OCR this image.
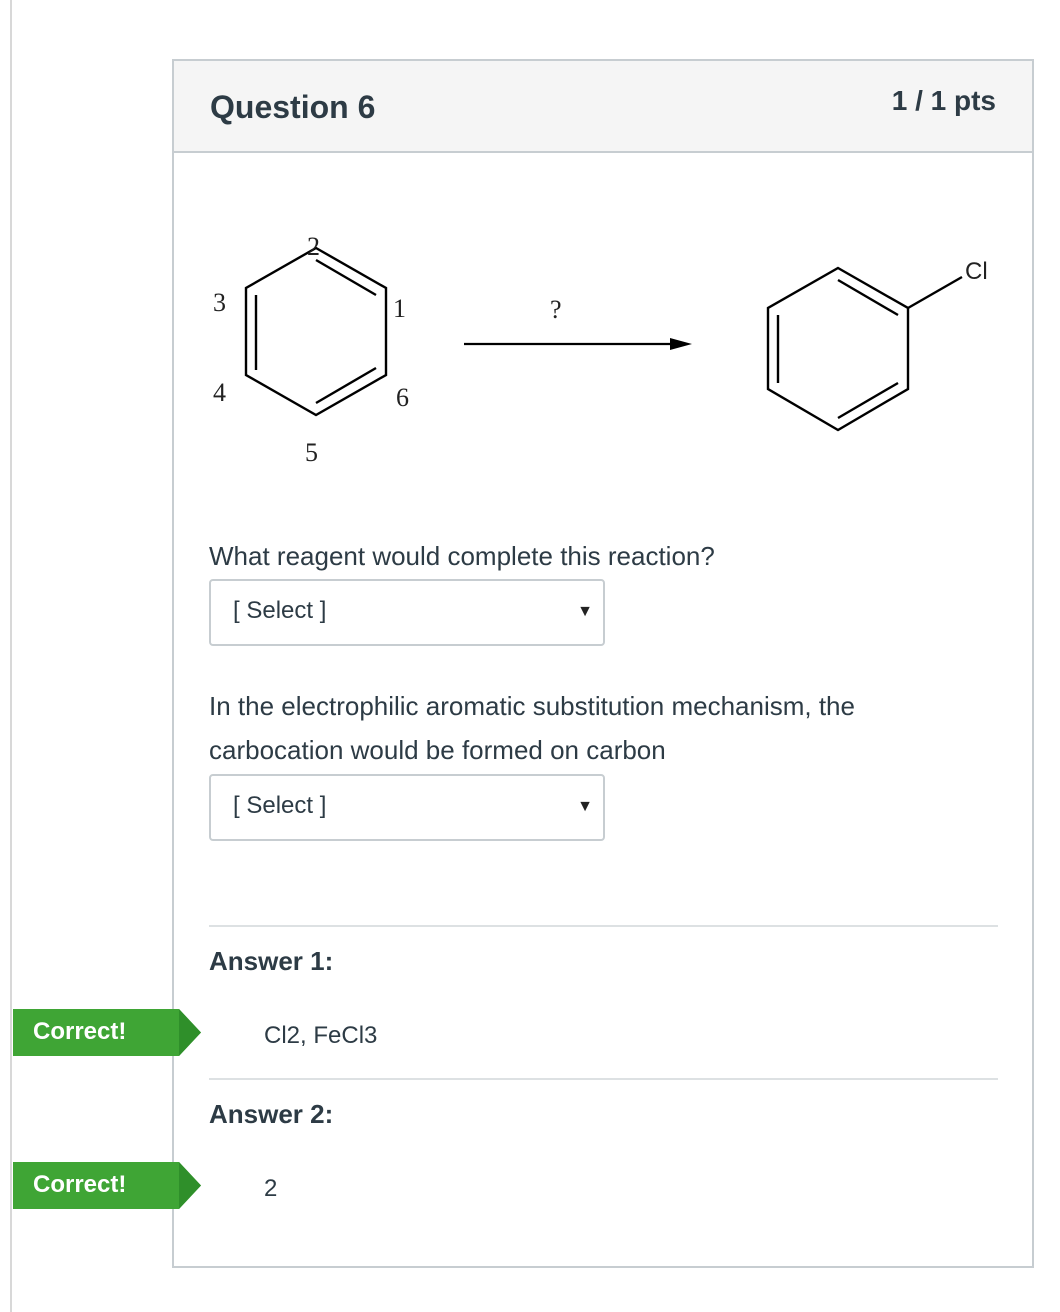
Question 6	1 / 1 pts
2
3	1
4	6
5
?
Cl
What reagent would complete this reaction?
[ Select ]	▼
In the electrophilic aromatic substitution mechanism, the carbocation would be formed on carbon
[ Select ]	▼
Answer 1:
Correct!	Cl2, FeCl3
Answer 2:
Correct!	2
